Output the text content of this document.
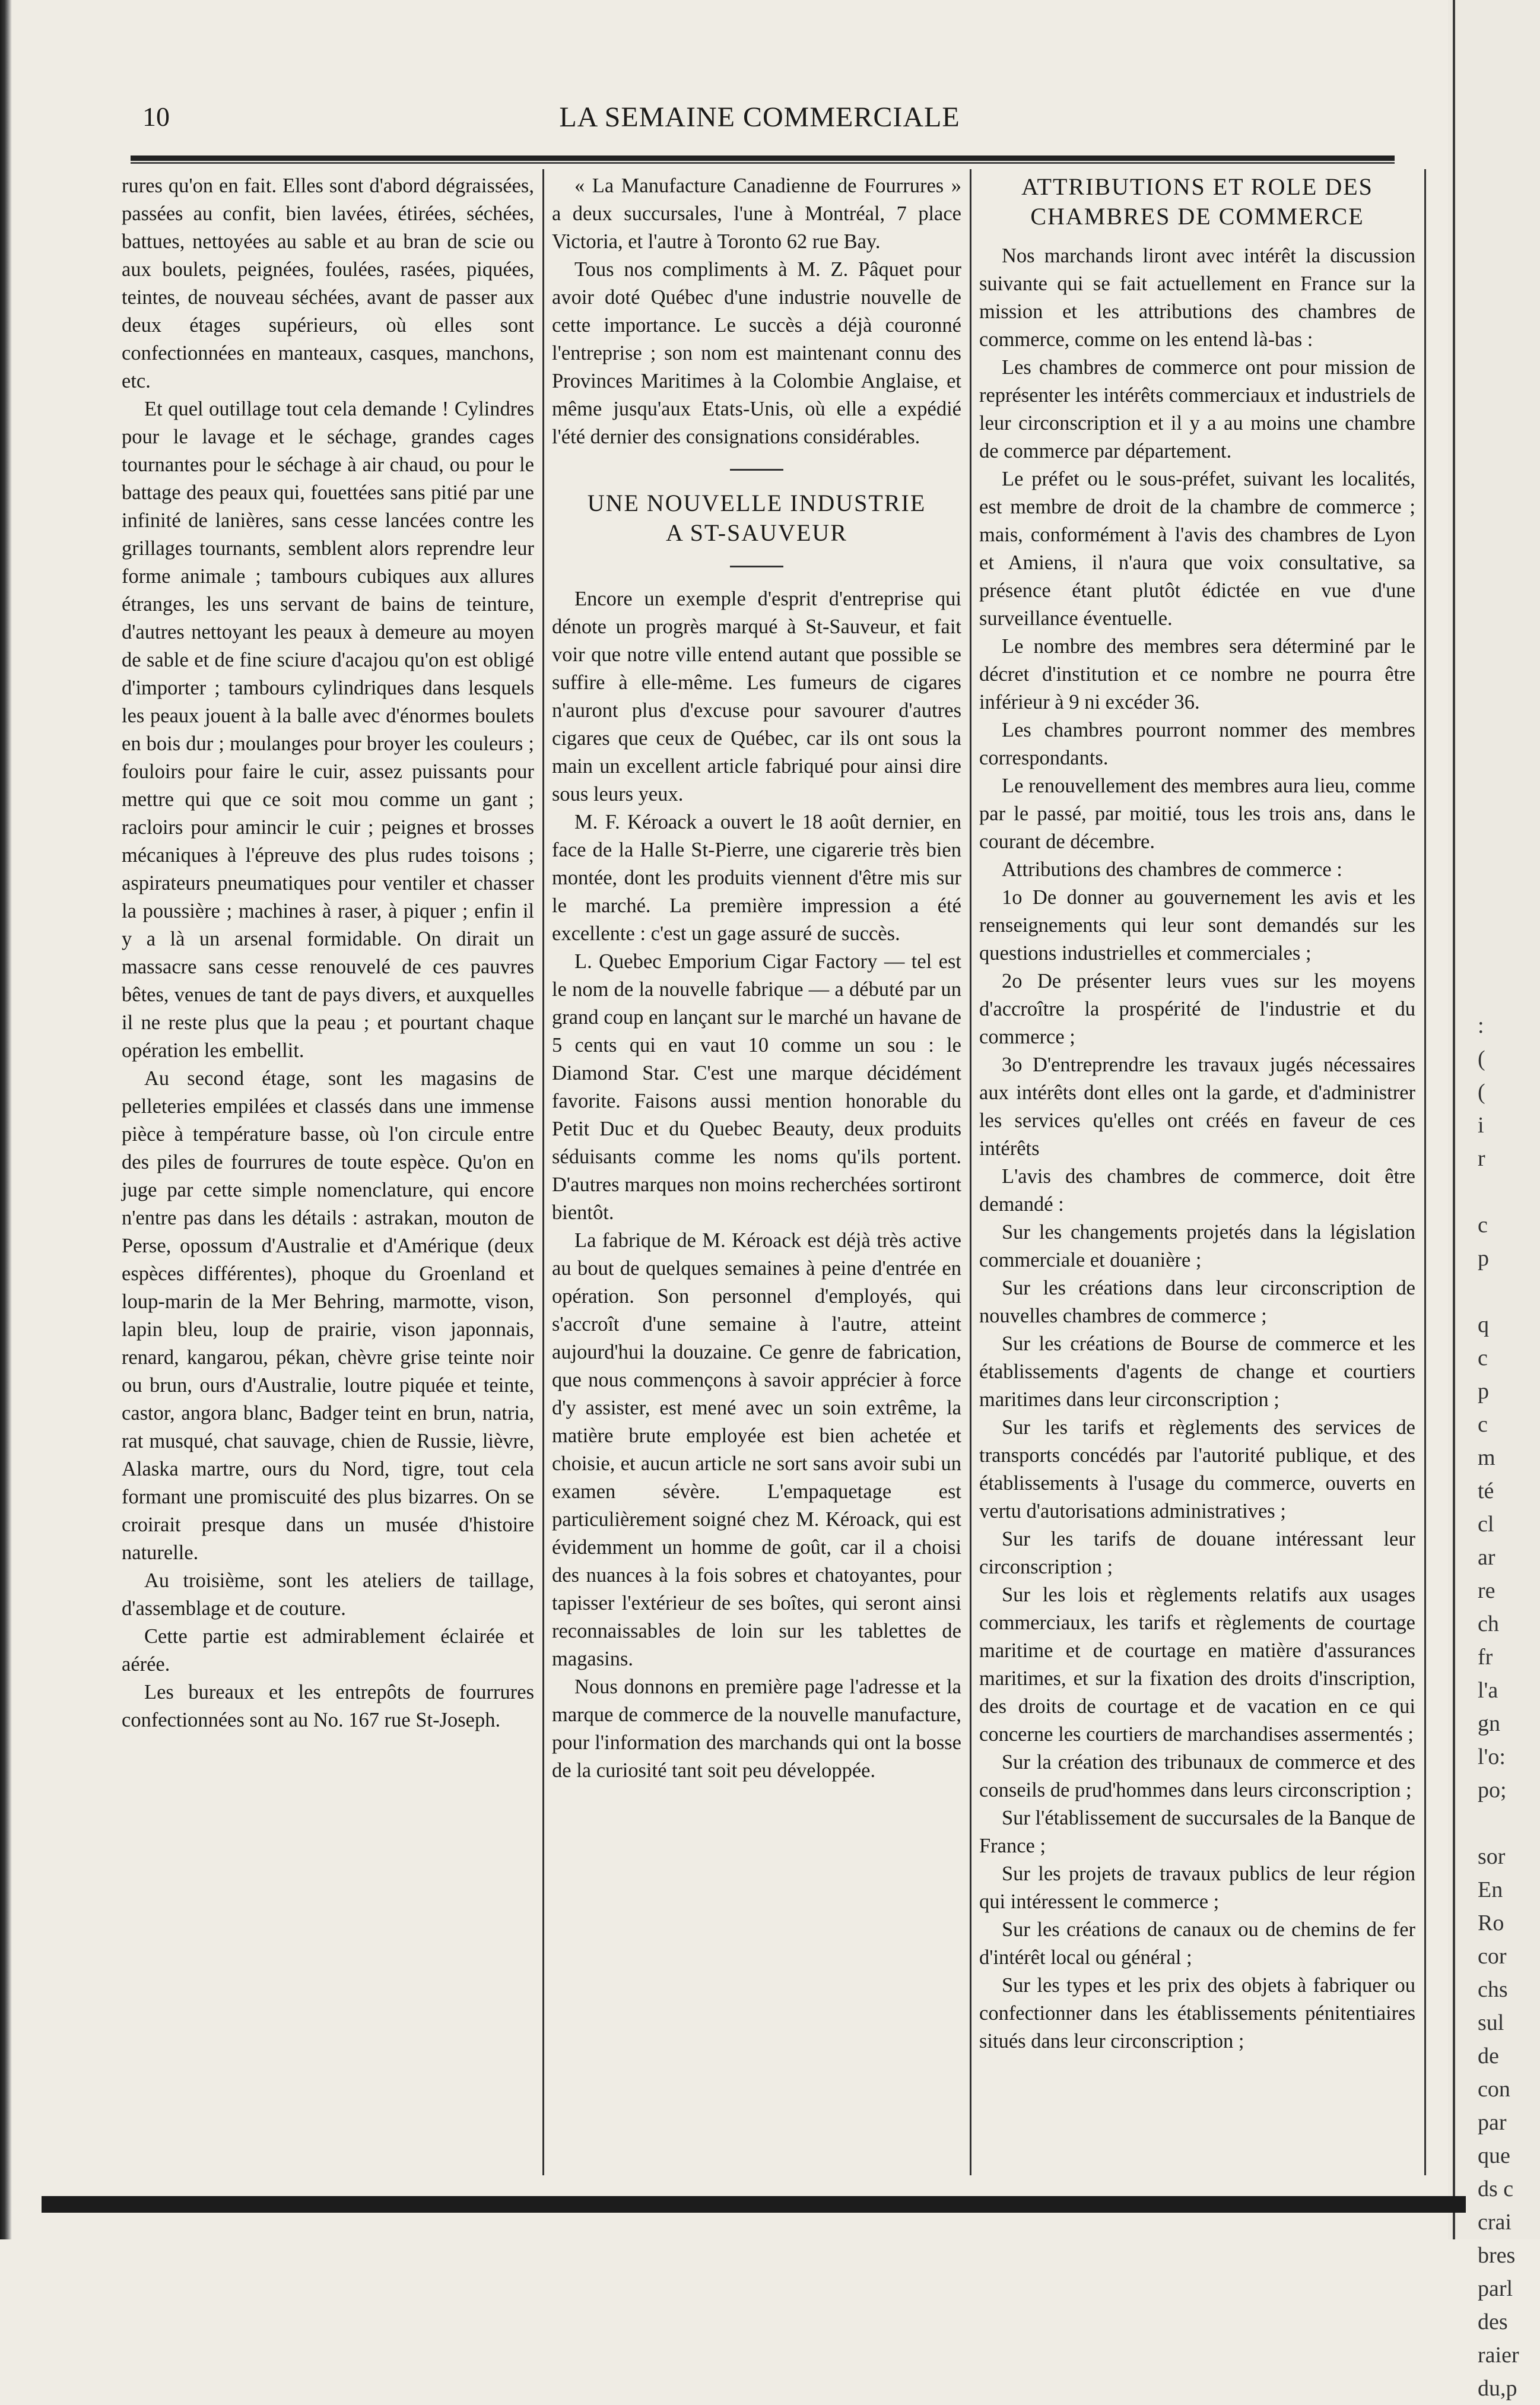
10	LA SEMAINE COMMERCIALE

rures qu'on en fait. Elles sont d'abord dégraissées, passées au confit, bien lavées, étirées, séchées, battues, nettoyées au sable et au bran de scie ou aux boulets, peignées, foulées, rasées, piquées, teintes, de nouveau séchées, avant de passer aux deux étages supérieurs, où elles sont confectionnées en manteaux, casques, manchons, etc.

Et quel outillage tout cela demande ! Cylindres pour le lavage et le séchage, grandes cages tournantes pour le séchage à air chaud, ou pour le battage des peaux qui, fouettées sans pitié par une infinité de lanières, sans cesse lancées contre les grillages tournants, semblent alors reprendre leur forme animale ; tambours cubiques aux allures étranges, les uns servant de bains de teinture, d'autres nettoyant les peaux à demeure au moyen de sable et de fine sciure d'acajou qu'on est obligé d'importer ; tambours cylindriques dans lesquels les peaux jouent à la balle avec d'énormes boulets en bois dur ; moulanges pour broyer les couleurs ; fouloirs pour faire le cuir, assez puissants pour mettre qui que ce soit mou comme un gant ; racloirs pour amincir le cuir ; peignes et brosses mécaniques à l'épreuve des plus rudes toisons ; aspirateurs pneumatiques pour ventiler et chasser la poussière ; machines à raser, à piquer ; enfin il y a là un arsenal formidable. On dirait un massacre sans cesse renouvelé de ces pauvres bêtes, venues de tant de pays divers, et auxquelles il ne reste plus que la peau ; et pourtant chaque opération les embellit.

Au second étage, sont les magasins de pelleteries empilées et classés dans une immense pièce à température basse, où l'on circule entre des piles de fourrures de toute espèce. Qu'on en juge par cette simple nomenclature, qui encore n'entre pas dans les détails : astrakan, mouton de Perse, opossum d'Australie et d'Amérique (deux espèces différentes), phoque du Groenland et loup-marin de la Mer Behring, marmotte, vison, lapin bleu, loup de prairie, vison japonnais, renard, kangarou, pékan, chèvre grise teinte noir ou brun, ours d'Australie, loutre piquée et teinte, castor, angora blanc, Badger teint en brun, natria, rat musqué, chat sauvage, chien de Russie, lièvre, Alaska martre, ours du Nord, tigre, tout cela formant une promiscuité des plus bizarres. On se croirait presque dans un musée d'histoire naturelle.

Au troisième, sont les ateliers de taillage, d'assemblage et de couture.

Cette partie est admirablement éclairée et aérée.

Les bureaux et les entrepôts de fourrures confectionnées sont au No. 167 rue St-Joseph.

« La Manufacture Canadienne de Fourrures » a deux succursales, l'une à Montréal, 7 place Victoria, et l'autre à Toronto 62 rue Bay.

Tous nos compliments à M. Z. Pâquet pour avoir doté Québec d'une industrie nouvelle de cette importance. Le succès a déjà couronné l'entreprise ; son nom est maintenant connu des Provinces Maritimes à la Colombie Anglaise, et même jusqu'aux Etats-Unis, où elle a expédié l'été dernier des consignations considérables.

UNE NOUVELLE INDUSTRIE
A ST-SAUVEUR

Encore un exemple d'esprit d'entreprise qui dénote un progrès marqué à St-Sauveur, et fait voir que notre ville entend autant que possible se suffire à elle-même. Les fumeurs de cigares n'auront plus d'excuse pour savourer d'autres cigares que ceux de Québec, car ils ont sous la main un excellent article fabriqué pour ainsi dire sous leurs yeux.

M. F. Kéroack a ouvert le 18 août dernier, en face de la Halle St-Pierre, une cigarerie très bien montée, dont les produits viennent d'être mis sur le marché. La première impression a été excellente : c'est un gage assuré de succès.

L. Quebec Emporium Cigar Factory — tel est le nom de la nouvelle fabrique — a débuté par un grand coup en lançant sur le marché un havane de 5 cents qui en vaut 10 comme un sou : le Diamond Star. C'est une marque décidément favorite. Faisons aussi mention honorable du Petit Duc et du Quebec Beauty, deux produits séduisants comme les noms qu'ils portent. D'autres marques non moins recherchées sortiront bientôt.

La fabrique de M. Kéroack est déjà très active au bout de quelques semaines à peine d'entrée en opération. Son personnel d'employés, qui s'accroît d'une semaine à l'autre, atteint aujourd'hui la douzaine. Ce genre de fabrication, que nous commençons à savoir apprécier à force d'y assister, est mené avec un soin extrême, la matière brute employée est bien achetée et choisie, et aucun article ne sort sans avoir subi un examen sévère. L'empaquetage est particulièrement soigné chez M. Kéroack, qui est évidemment un homme de goût, car il a choisi des nuances à la fois sobres et chatoyantes, pour tapisser l'extérieur de ses boîtes, qui seront ainsi reconnaissables de loin sur les tablettes de magasins.

Nous donnons en première page l'adresse et la marque de commerce de la nouvelle manufacture, pour l'information des marchands qui ont la bosse de la curiosité tant soit peu développée.

ATTRIBUTIONS ET ROLE DES
CHAMBRES DE COMMERCE

Nos marchands liront avec intérêt la discussion suivante qui se fait actuellement en France sur la mission et les attributions des chambres de commerce, comme on les entend là-bas :

Les chambres de commerce ont pour mission de représenter les intérêts commerciaux et industriels de leur circonscription et il y a au moins une chambre de commerce par département.

Le préfet ou le sous-préfet, suivant les localités, est membre de droit de la chambre de commerce ; mais, conformément à l'avis des chambres de Lyon et Amiens, il n'aura que voix consultative, sa présence étant plutôt édictée en vue d'une surveillance éventuelle.

Le nombre des membres sera déterminé par le décret d'institution et ce nombre ne pourra être inférieur à 9 ni excéder 36.

Les chambres pourront nommer des membres correspondants.

Le renouvellement des membres aura lieu, comme par le passé, par moitié, tous les trois ans, dans le courant de décembre.

Attributions des chambres de commerce :

1o De donner au gouvernement les avis et les renseignements qui leur sont demandés sur les questions industrielles et commerciales ;

2o De présenter leurs vues sur les moyens d'accroître la prospérité de l'industrie et du commerce ;

3o D'entreprendre les travaux jugés nécessaires aux intérêts dont elles ont la garde, et d'administrer les services qu'elles ont créés en faveur de ces intérêts

L'avis des chambres de commerce, doit être demandé :

Sur les changements projetés dans la législation commerciale et douanière ;

Sur les créations dans leur circonscription de nouvelles chambres de commerce ;

Sur les créations de Bourse de commerce et les établissements d'agents de change et courtiers maritimes dans leur circonscription ;

Sur les tarifs et règlements des services de transports concédés par l'autorité publique, et des établissements à l'usage du commerce, ouverts en vertu d'autorisations administratives ;

Sur les tarifs de douane intéressant leur circonscription ;

Sur les lois et règlements relatifs aux usages commerciaux, les tarifs et règlements de courtage maritime et de courtage en matière d'assurances maritimes, et sur la fixation des droits d'inscription, des droits de courtage et de vacation en ce qui concerne les courtiers de marchandises assermentés ;

Sur la création des tribunaux de commerce et des conseils de prud'hommes dans leurs circonscription ;

Sur l'établissement de succursales de la Banque de France ;

Sur les projets de travaux publics de leur région qui intéressent le commerce ;

Sur les créations de canaux ou de chemins de fer d'intérêt local ou général ;

Sur les types et les prix des objets à fabriquer ou confectionner dans les établissements pénitentiaires situés dans leur circonscription ;

:
(
(
i
r
c
p
q
c
p
c
m
té
cl
ar
re
ch
fr
l'a
gn
l'o:
po;
sor
En
Ro
cor
chs
sul
de
con
par
que
ds c
crai
bres
parl
des
raier
du,p
